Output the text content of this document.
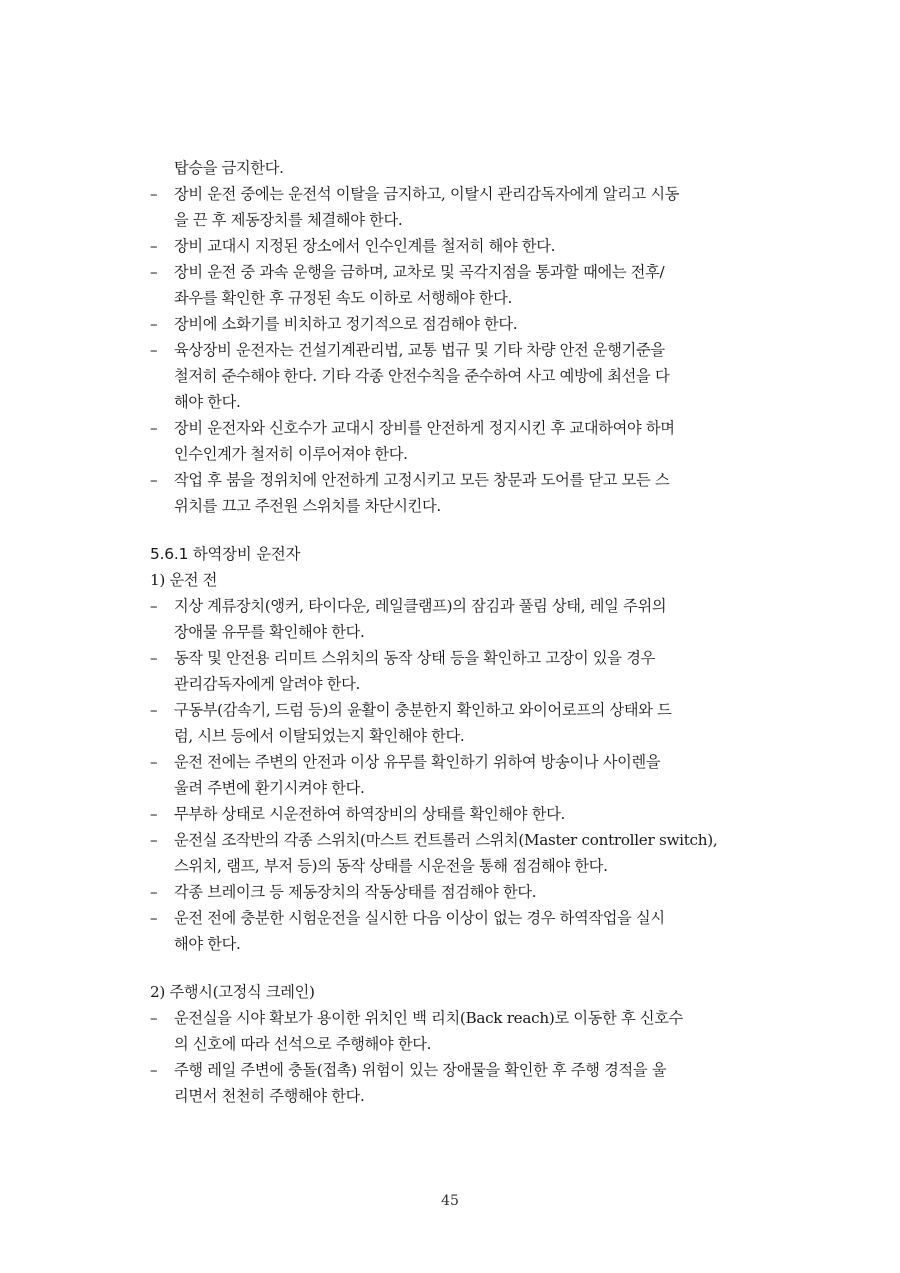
탑승을 금지한다.
–	장비 운전 중에는 운전석 이탈을 금지하고, 이탈시 관리감독자에게 알리고 시동
을 끈 후 제동장치를 체결해야 한다.
–	장비 교대시 지정된 장소에서 인수인계를 철저히 해야 한다.
–	장비 운전 중 과속 운행을 금하며, 교차로 및 곡각지점을 통과할 때에는 전후/
좌우를 확인한 후 규정된 속도 이하로 서행해야 한다.
–	장비에 소화기를 비치하고 정기적으로 점검해야 한다.
–	육상장비 운전자는 건설기계관리법, 교통 법규 및 기타 차량 안전 운행기준을
철저히 준수해야 한다. 기타 각종 안전수칙을 준수하여 사고 예방에 최선을 다
해야 한다.
–	장비 운전자와 신호수가 교대시 장비를 안전하게 정지시킨 후 교대하여야 하며
인수인계가 철저히 이루어져야 한다.
–	작업 후 붐을 정위치에 안전하게 고정시키고 모든 창문과 도어를 닫고 모든 스
위치를 끄고 주전원 스위치를 차단시킨다.
5.6.1 하역장비 운전자
1) 운전 전
–	지상 계류장치(앵커, 타이다운, 레일클램프)의 잠김과 풀림 상태, 레일 주위의
장애물 유무를 확인해야 한다.
–	동작 및 안전용 리미트 스위치의 동작 상태 등을 확인하고 고장이 있을 경우
관리감독자에게 알려야 한다.
–	구동부(감속기, 드럼 등)의 윤활이 충분한지 확인하고 와이어로프의 상태와 드
럼, 시브 등에서 이탈되었는지 확인해야 한다.
–	운전 전에는 주변의 안전과 이상 유무를 확인하기 위하여 방송이나 사이렌을
울려 주변에 환기시켜야 한다.
–	무부하 상태로 시운전하여 하역장비의 상태를 확인해야 한다.
–	운전실 조작반의 각종 스위치(마스트 컨트롤러 스위치(Master controller switch),
스위치, 램프, 부저 등)의 동작 상태를 시운전을 통해 점검해야 한다.
–	각종 브레이크 등 제동장치의 작동상태를 점검해야 한다.
–	운전 전에 충분한 시험운전을 실시한 다음 이상이 없는 경우 하역작업을 실시
해야 한다.
2) 주행시(고정식 크레인)
–	운전실을 시야 확보가 용이한 위치인 백 리치(Back reach)로 이동한 후 신호수
의 신호에 따라 선석으로 주행해야 한다.
–	주행 레일 주변에 충돌(접촉) 위험이 있는 장애물을 확인한 후 주행 경적을 울
리면서 천천히 주행해야 한다.
45
